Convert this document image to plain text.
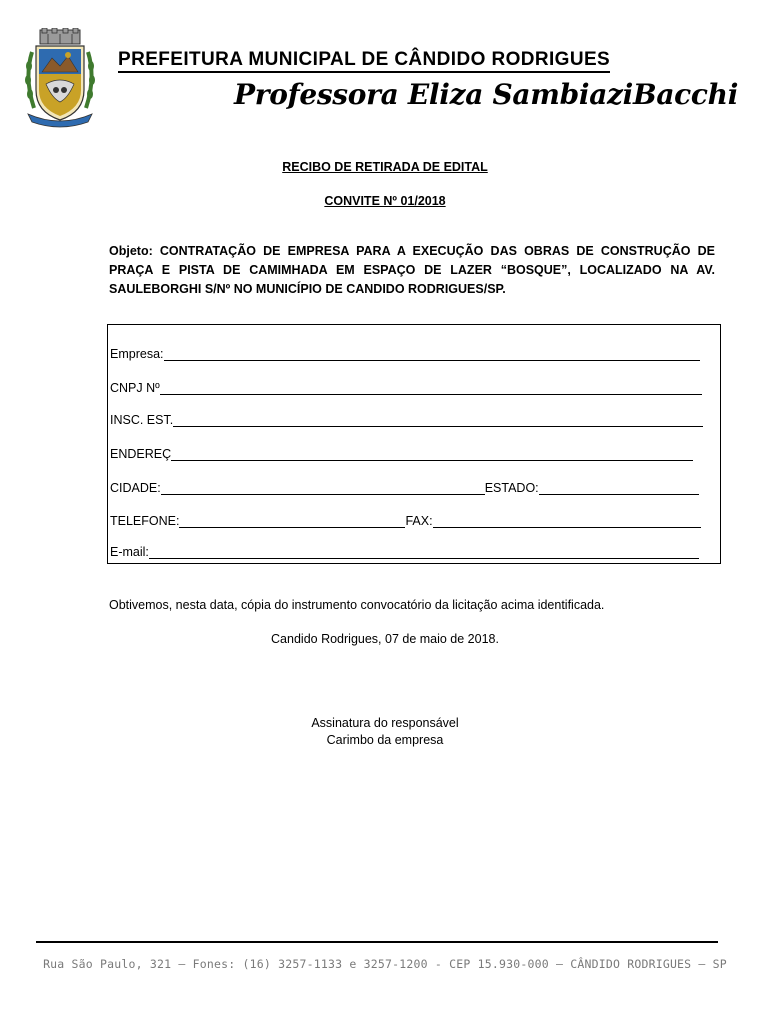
PREFEITURA MUNICIPAL DE CÂNDIDO RODRIGUES
Professora Eliza SambiaziBacchi
RECIBO DE RETIRADA DE EDITAL
CONVITE Nº 01/2018
Objeto: CONTRATAÇÃO DE EMPRESA PARA A EXECUÇÃO DAS OBRAS DE CONSTRUÇÃO DE PRAÇA E PISTA DE CAMIMHADA EM ESPAÇO DE LAZER “BOSQUE”, LOCALIZADO NA AV. SAULEBORGHI S/Nº NO MUNICÍPIO DE CANDIDO RODRIGUES/SP.
Empresa:
CNPJ Nº
INSC. EST.
ENDEREÇ
CIDADE:	ESTADO:
TELEFONE:	FAX:
E-mail:
Obtivemos, nesta data, cópia do instrumento convocatório da licitação acima identificada.
Candido Rodrigues, 07 de maio de 2018.
Assinatura do responsável
Carimbo da empresa
Rua São Paulo, 321 – Fones: (16) 3257-1133 e 3257-1200 - CEP 15.930-000 – CÂNDIDO RODRIGUES – SP
